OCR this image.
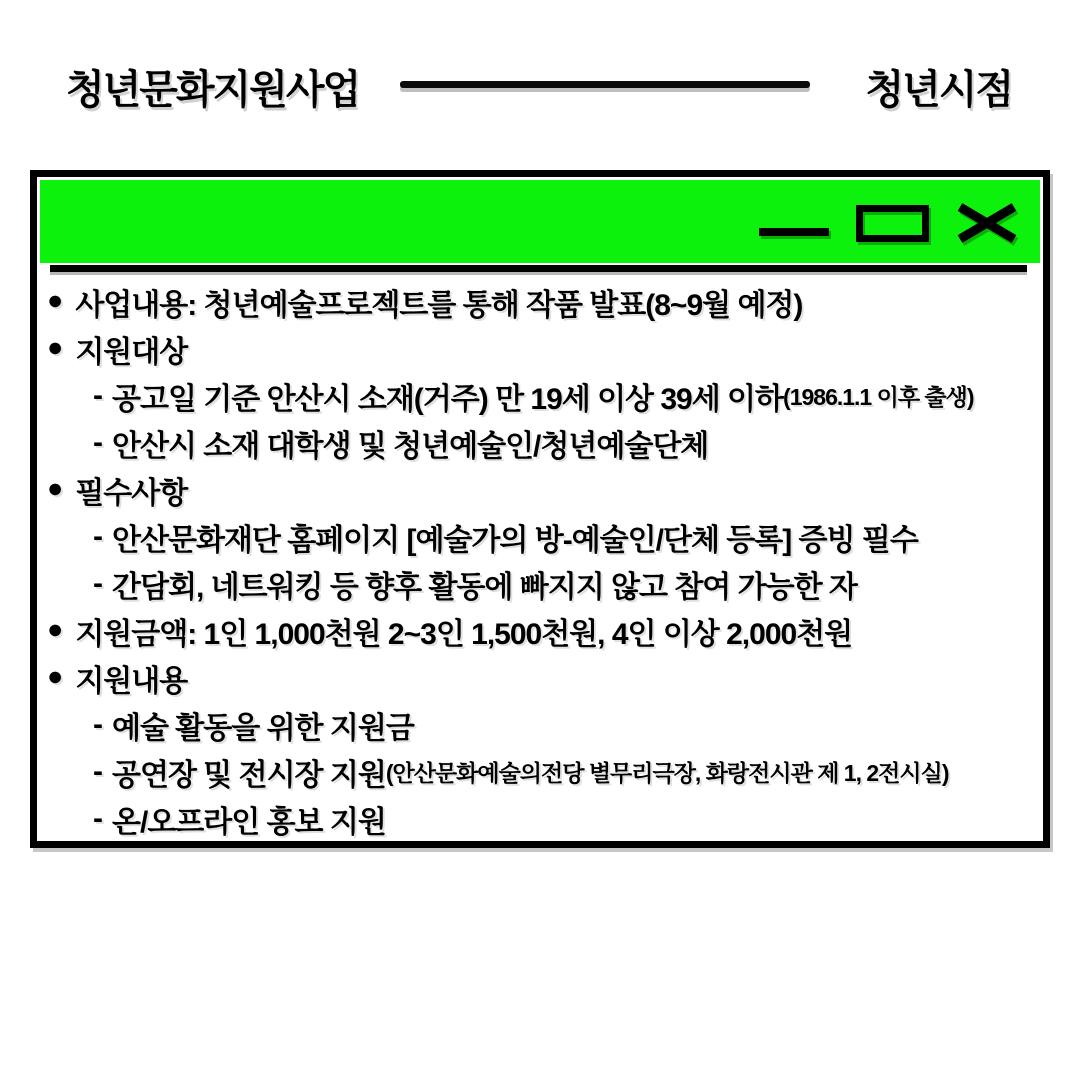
청년문화지원사업	청년시점
● 사업내용: 청년예술프로젝트를 통해 작품 발표(8~9월 예정)
● 지원대상
- 공고일 기준 안산시 소재(거주) 만 19세 이상 39세 이하 (1986.1.1 이후 출생)
- 안산시 소재 대학생 및 청년예술인/청년예술단체
● 필수사항
- 안산문화재단 홈페이지 [예술가의 방-예술인/단체 등록] 증빙 필수
- 간담회, 네트워킹 등 향후 활동에 빠지지 않고 참여 가능한 자
● 지원금액: 1인 1,000천원 2~3인 1,500천원, 4인 이상 2,000천원
● 지원내용
- 예술 활동을 위한 지원금
- 공연장 및 전시장 지원 (안산문화예술의전당 별무리극장, 화랑전시관 제 1, 2전시실)
- 온/오프라인 홍보 지원
